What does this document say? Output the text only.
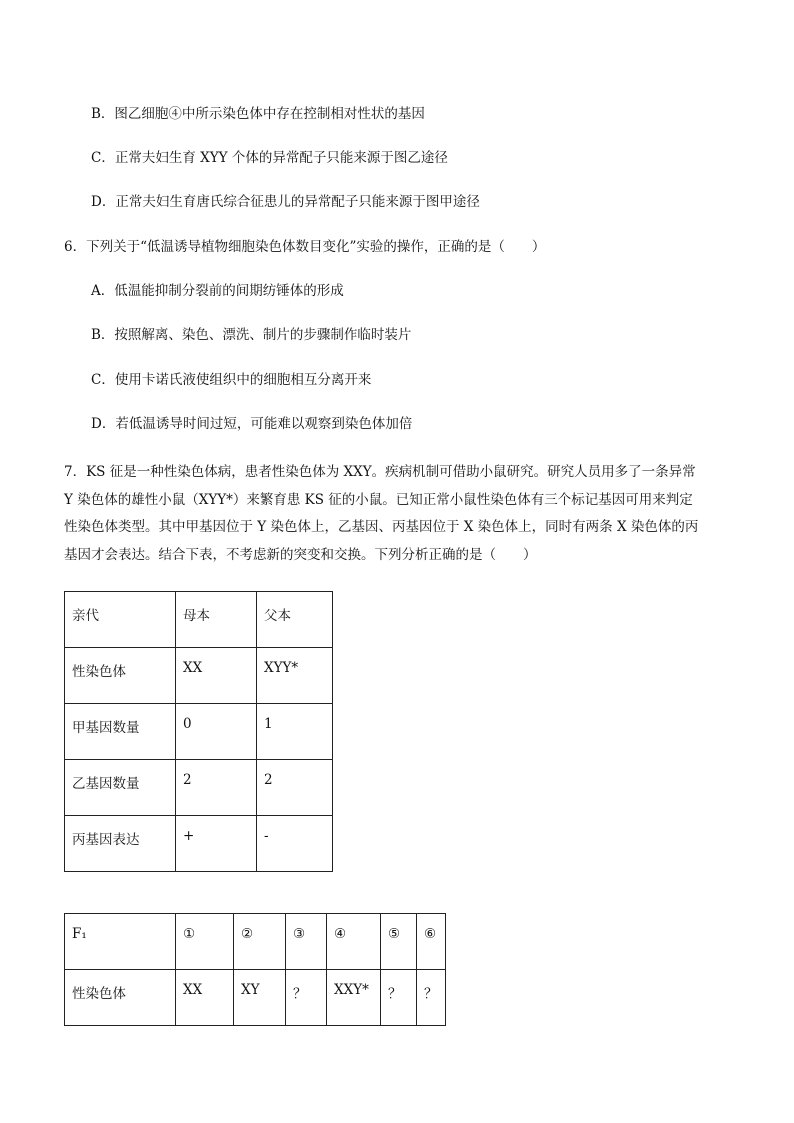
B．图乙细胞④中所示染色体中存在控制相对性状的基因
C．正常夫妇生育 XYY 个体的异常配子只能来源于图乙途径
D．正常夫妇生育唐氏综合征患儿的异常配子只能来源于图甲途径
6．下列关于“低温诱导植物细胞染色体数目变化”实验的操作，正确的是（　　）
A．低温能抑制分裂前的间期纺锤体的形成
B．按照解离、染色、漂洗、制片的步骤制作临时装片
C．使用卡诺氏液使组织中的细胞相互分离开来
D．若低温诱导时间过短，可能难以观察到染色体加倍
7．KS 征是一种性染色体病，患者性染色体为 XXY。疾病机制可借助小鼠研究。研究人员用多了一条异常
Y 染色体的雄性小鼠（XYY*）来繁育患 KS 征的小鼠。已知正常小鼠性染色体有三个标记基因可用来判定
性染色体类型。其中甲基因位于 Y 染色体上，乙基因、丙基因位于 X 染色体上，同时有两条 X 染色体的丙
基因才会表达。结合下表，不考虑新的突变和交换。下列分析正确的是（　　）
亲代	母本	父本
性染色体	XX	XYY*
甲基因数量	0	1
乙基因数量	2	2
丙基因表达	+	-
F₁	①	②	③	④	⑤	⑥
性染色体	XX	XY	？	XXY*	？	？
